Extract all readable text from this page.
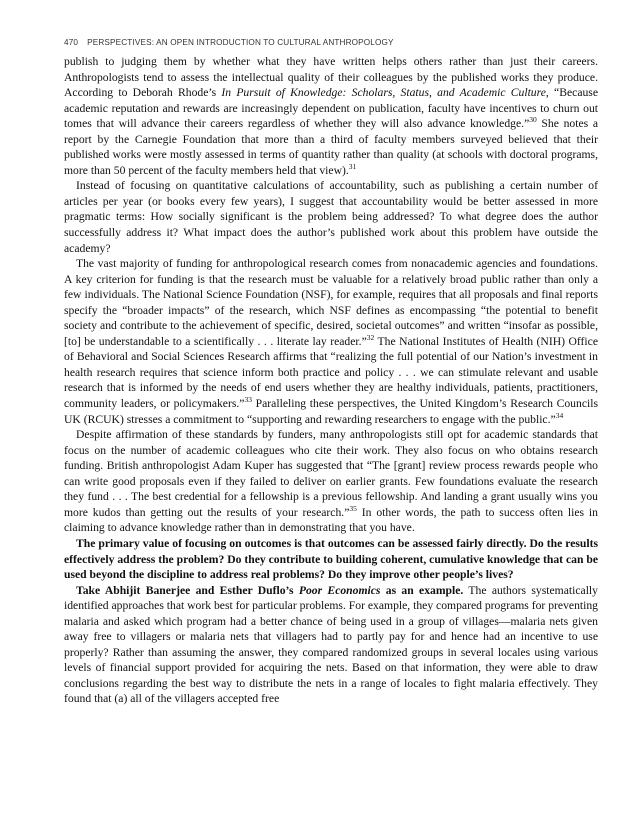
470 PERSPECTIVES: AN OPEN INTRODUCTION TO CULTURAL ANTHROPOLOGY

publish to judging them by whether what they have written helps others rather than just their careers. Anthropologists tend to assess the intellectual quality of their colleagues by the published works they produce. According to Deborah Rhode’s In Pursuit of Knowledge: Scholars, Status, and Academic Culture, “Because academic reputation and rewards are increasingly dependent on publication, faculty have incentives to churn out tomes that will advance their careers regardless of whether they will also advance knowledge.”$^{30}$ She notes a report by the Carnegie Foundation that more than a third of faculty members surveyed believed that their published works were mostly assessed in terms of quantity rather than quality (at schools with doctoral programs, more than 50 percent of the faculty members held that view).$^{31}$

Instead of focusing on quantitative calculations of accountability, such as publishing a certain number of articles per year (or books every few years), I suggest that accountability would be better assessed in more pragmatic terms: How socially significant is the problem being addressed? To what degree does the author successfully address it? What impact does the author’s published work about this problem have outside the academy?

The vast majority of funding for anthropological research comes from nonacademic agencies and foundations. A key criterion for funding is that the research must be valuable for a relatively broad public rather than only a few individuals. The National Science Foundation (NSF), for example, requires that all proposals and final reports specify the “broader impacts” of the research, which NSF defines as encompassing “the potential to benefit society and contribute to the achievement of specific, desired, societal outcomes” and written “insofar as possible, [to] be understandable to a scientifically . . . literate lay reader.”$^{32}$ The National Institutes of Health (NIH) Office of Behavioral and Social Sciences Research affirms that “realizing the full potential of our Nation’s investment in health research requires that science inform both practice and policy . . . we can stimulate relevant and usable research that is informed by the needs of end users whether they are healthy individuals, patients, practitioners, community leaders, or policymakers.”$^{33}$ Paralleling these perspectives, the United Kingdom’s Research Councils UK (RCUK) stresses a commitment to “supporting and rewarding researchers to engage with the public.”$^{34}$

Despite affirmation of these standards by funders, many anthropologists still opt for academic standards that focus on the number of academic colleagues who cite their work. They also focus on who obtains research funding. British anthropologist Adam Kuper has suggested that “The [grant] review process rewards people who can write good proposals even if they failed to deliver on earlier grants. Few foundations evaluate the research they fund . . . The best credential for a fellowship is a previous fellowship. And landing a grant usually wins you more kudos than getting out the results of your research.”$^{35}$ In other words, the path to success often lies in claiming to advance knowledge rather than in demonstrating that you have.

The primary value of focusing on outcomes is that outcomes can be assessed fairly directly. Do the results effectively address the problem? Do they contribute to building coherent, cumulative knowledge that can be used beyond the discipline to address real problems? Do they improve other people’s lives?

Take Abhijit Banerjee and Esther Duflo’s Poor Economics as an example. The authors systematically identified approaches that work best for particular problems. For example, they compared programs for preventing malaria and asked which program had a better chance of being used in a group of villages—malaria nets given away free to villagers or malaria nets that villagers had to partly pay for and hence had an incentive to use properly? Rather than assuming the answer, they compared randomized groups in several locales using various levels of financial support provided for acquiring the nets. Based on that information, they were able to draw conclusions regarding the best way to distribute the nets in a range of locales to fight malaria effectively. They found that (a) all of the villagers accepted free
